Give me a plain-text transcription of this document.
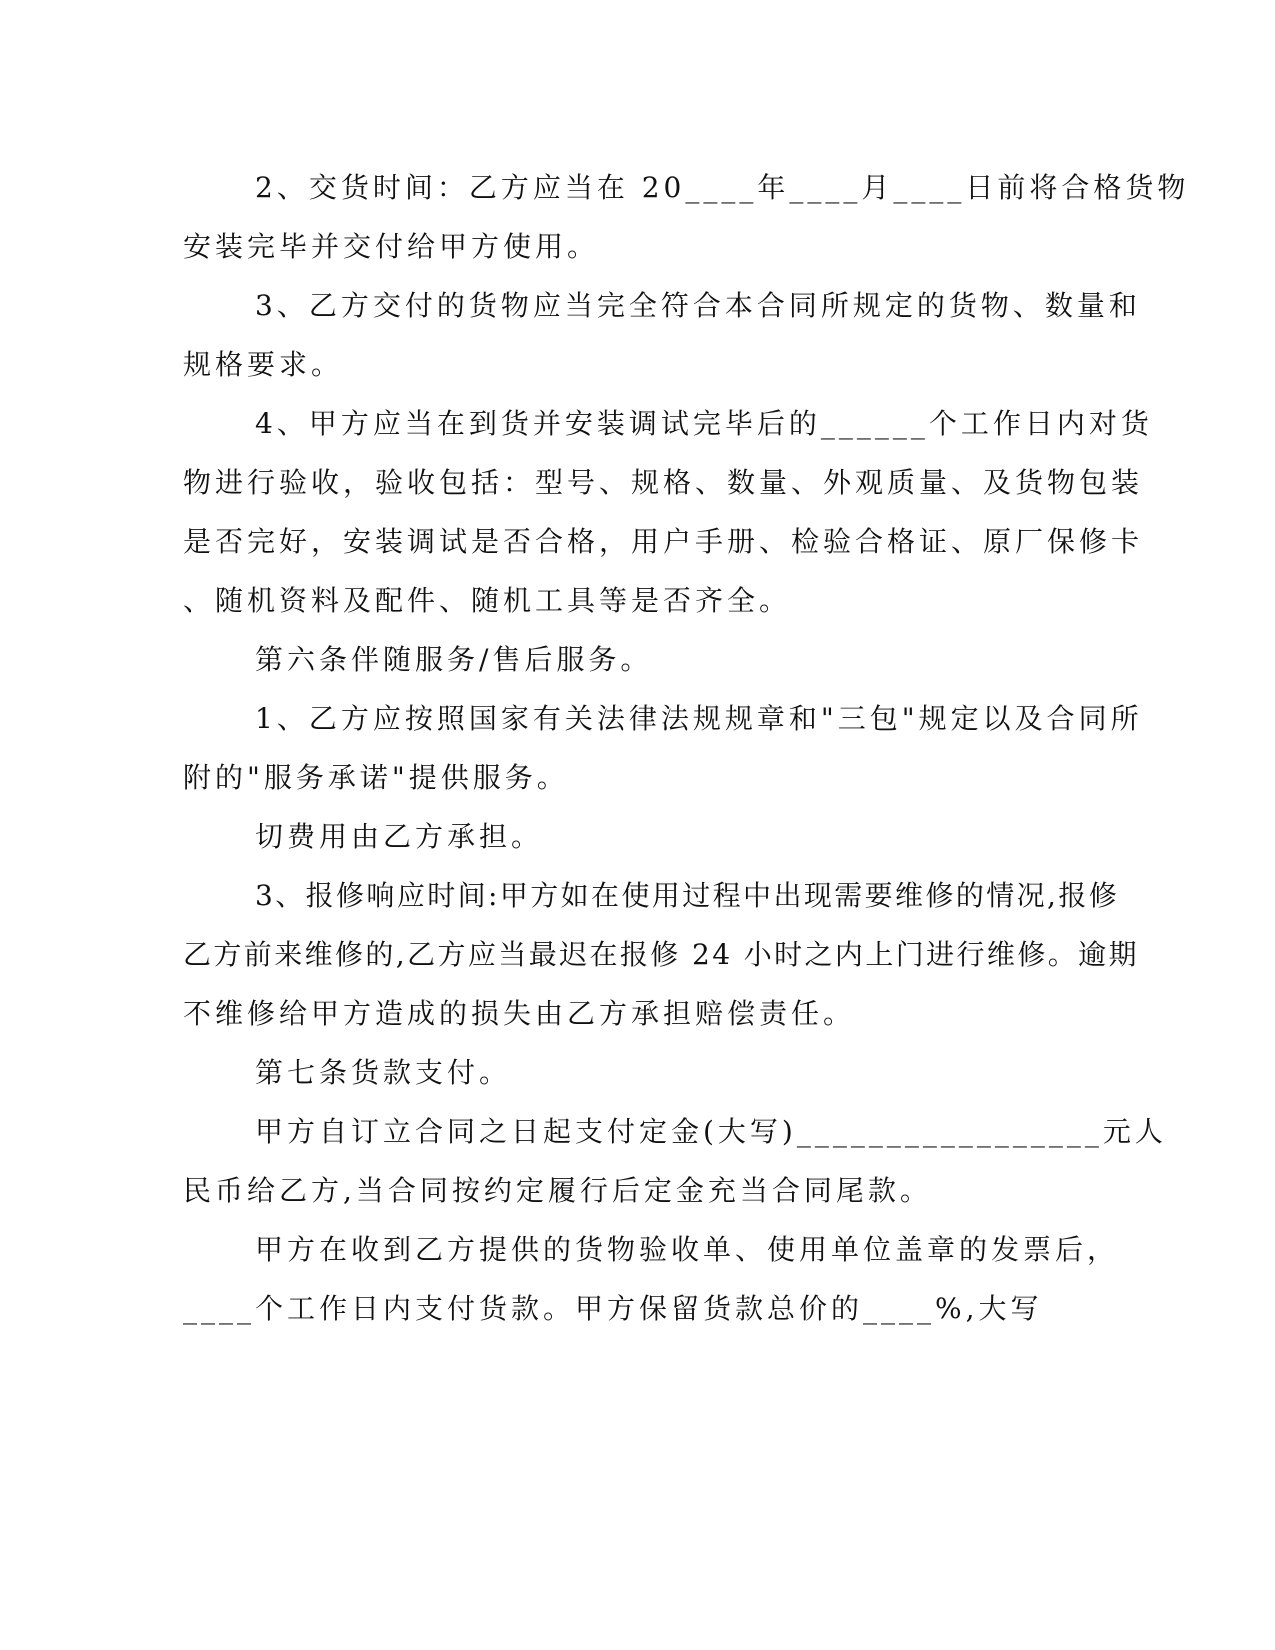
2、交货时间：乙方应当在 20____年____月____日前将合格货物
安装完毕并交付给甲方使用。
3、乙方交付的货物应当完全符合本合同所规定的货物、数量和
规格要求。
4、甲方应当在到货并安装调试完毕后的______个工作日内对货
物进行验收，验收包括：型号、规格、数量、外观质量、及货物包装
是否完好，安装调试是否合格，用户手册、检验合格证、原厂保修卡
、随机资料及配件、随机工具等是否齐全。
第六条伴随服务/售后服务。
1、乙方应按照国家有关法律法规规章和"三包"规定以及合同所
附的"服务承诺"提供服务。
切费用由乙方承担。
3、报修响应时间:甲方如在使用过程中出现需要维修的情况,报修
乙方前来维修的,乙方应当最迟在报修 24 小时之内上门进行维修。逾期
不维修给甲方造成的损失由乙方承担赔偿责任。
第七条货款支付。
甲方自订立合同之日起支付定金(大写)_________________元人
民币给乙方,当合同按约定履行后定金充当合同尾款。
甲方在收到乙方提供的货物验收单、使用单位盖章的发票后，
____个工作日内支付货款。甲方保留货款总价的____%,大写
